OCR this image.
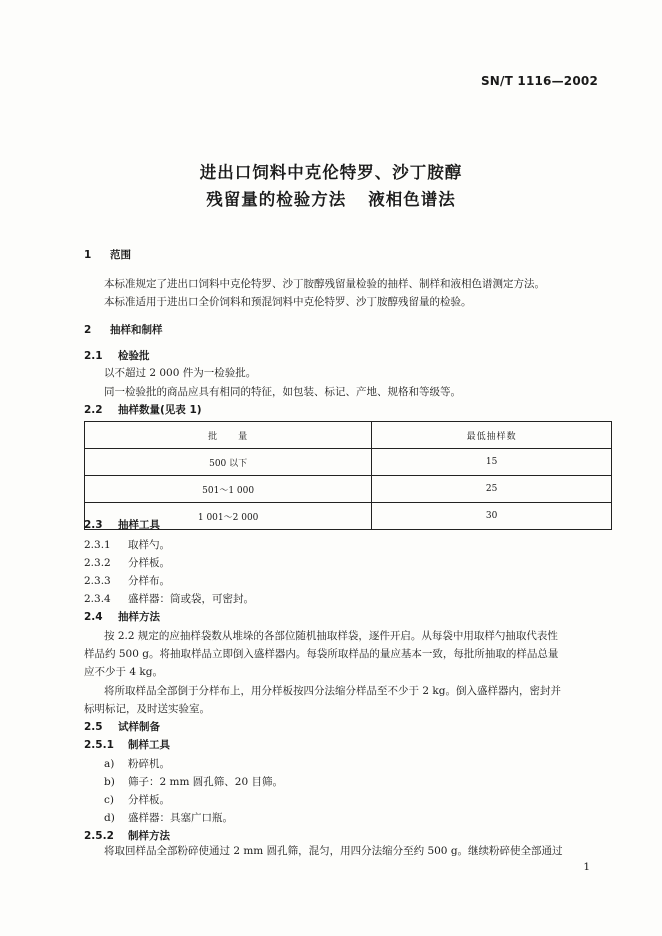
SN/T 1116—2002
进出口饲料中克伦特罗、沙丁胺醇
残留量的检验方法 液相色谱法
1 范围
本标准规定了进出口饲料中克伦特罗、沙丁胺醇残留量检验的抽样、制样和液相色谱测定方法。
本标准适用于进出口全价饲料和预混饲料中克伦特罗、沙丁胺醇残留量的检验。
2 抽样和制样
2.1 检验批
以不超过 2 000 件为一检验批。
同一检验批的商品应具有相同的特征，如包装、标记、产地、规格和等级等。
2.2 抽样数量(见表 1)
批　　量	最低抽样数
500 以下	15
501～1 000	25
1 001～2 000	30
2.3 抽样工具
2.3.1 取样勺。
2.3.2 分样板。
2.3.3 分样布。
2.3.4 盛样器：筒或袋，可密封。
2.4 抽样方法
按 2.2 规定的应抽样袋数从堆垛的各部位随机抽取样袋，逐件开启。从每袋中用取样勺抽取代表性
样品约 500 g。将抽取样品立即倒入盛样器内。每袋所取样品的量应基本一致，每批所抽取的样品总量
应不少于 4 kg。
将所取样品全部倒于分样布上，用分样板按四分法缩分样品至不少于 2 kg。倒入盛样器内，密封并
标明标记，及时送实验室。
2.5 试样制备
2.5.1 制样工具
a) 粉碎机。
b) 筛子：2 mm 圆孔筛、20 目筛。
c) 分样板。
d) 盛样器：具塞广口瓶。
2.5.2 制样方法
将取回样品全部粉碎使通过 2 mm 圆孔筛，混匀，用四分法缩分至约 500 g。继续粉碎使全部通过
1
